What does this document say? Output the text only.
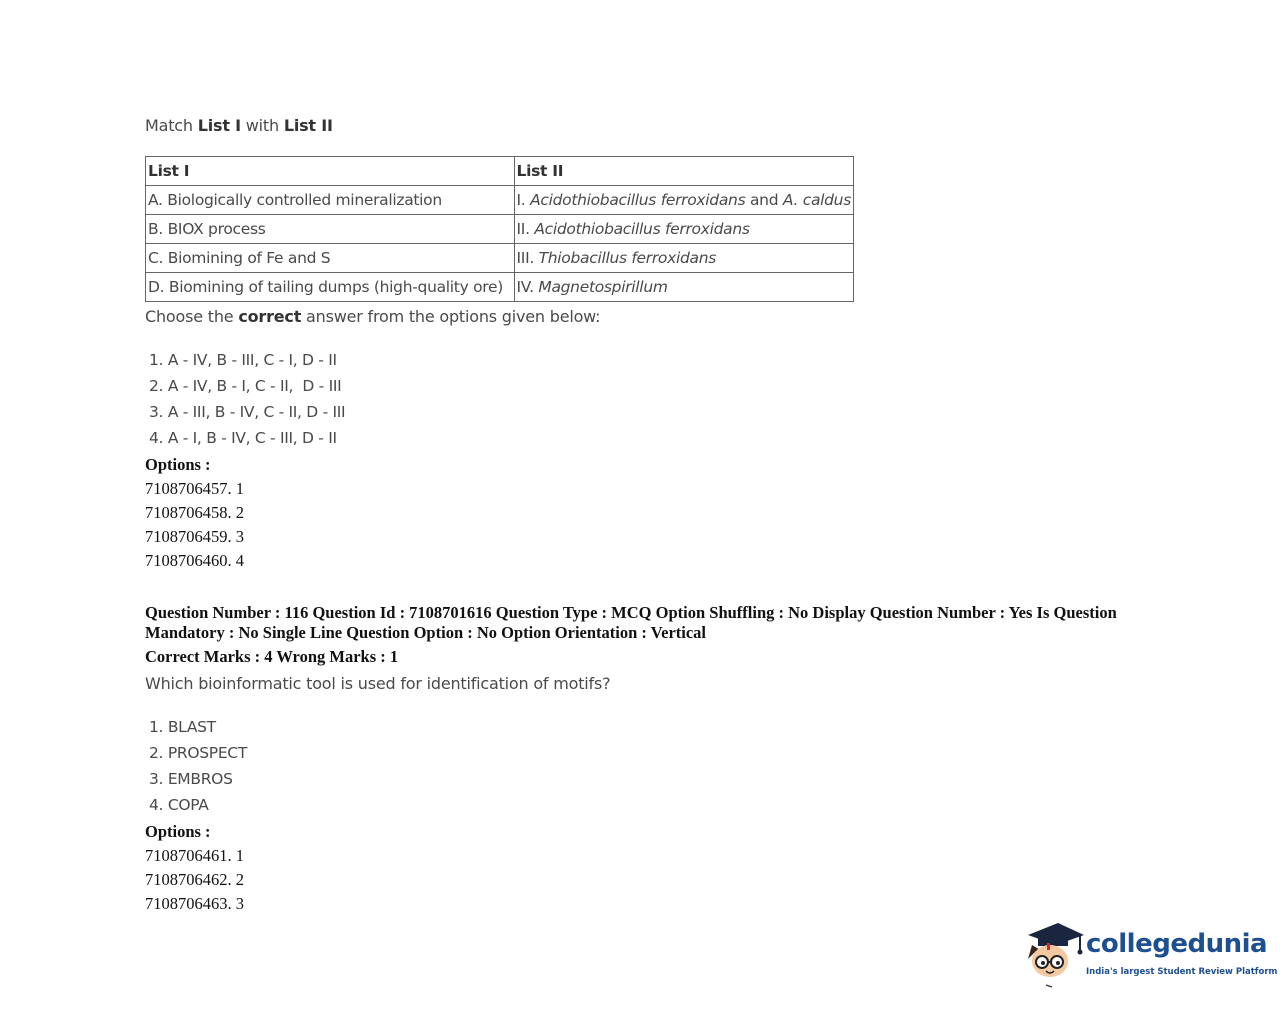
Match List I with List II
List I	List II
A. Biologically controlled mineralization	I. Acidothiobacillus ferroxidans and A. caldus
B. BIOX process	II. Acidothiobacillus ferroxidans
C. Biomining of Fe and S	III. Thiobacillus ferroxidans
D. Biomining of tailing dumps (high-quality ore)	IV. Magnetospirillum
Choose the correct answer from the options given below:
1. A - IV, B - III, C - I, D - II
2. A - IV, B - I, C - II,  D - III
3. A - III, B - IV, C - II, D - III
4. A - I, B - IV, C - III, D - II
Options :
7108706457. 1
7108706458. 2
7108706459. 3
7108706460. 4
Question Number : 116 Question Id : 7108701616 Question Type : MCQ Option Shuffling : No Display Question Number : Yes Is Question Mandatory : No Single Line Question Option : No Option Orientation : Vertical
Correct Marks : 4 Wrong Marks : 1
Which bioinformatic tool is used for identification of motifs?
1. BLAST
2. PROSPECT
3. EMBROS
4. COPA
Options :
7108706461. 1
7108706462. 2
7108706463. 3
collegedunia
India's largest Student Review Platform
